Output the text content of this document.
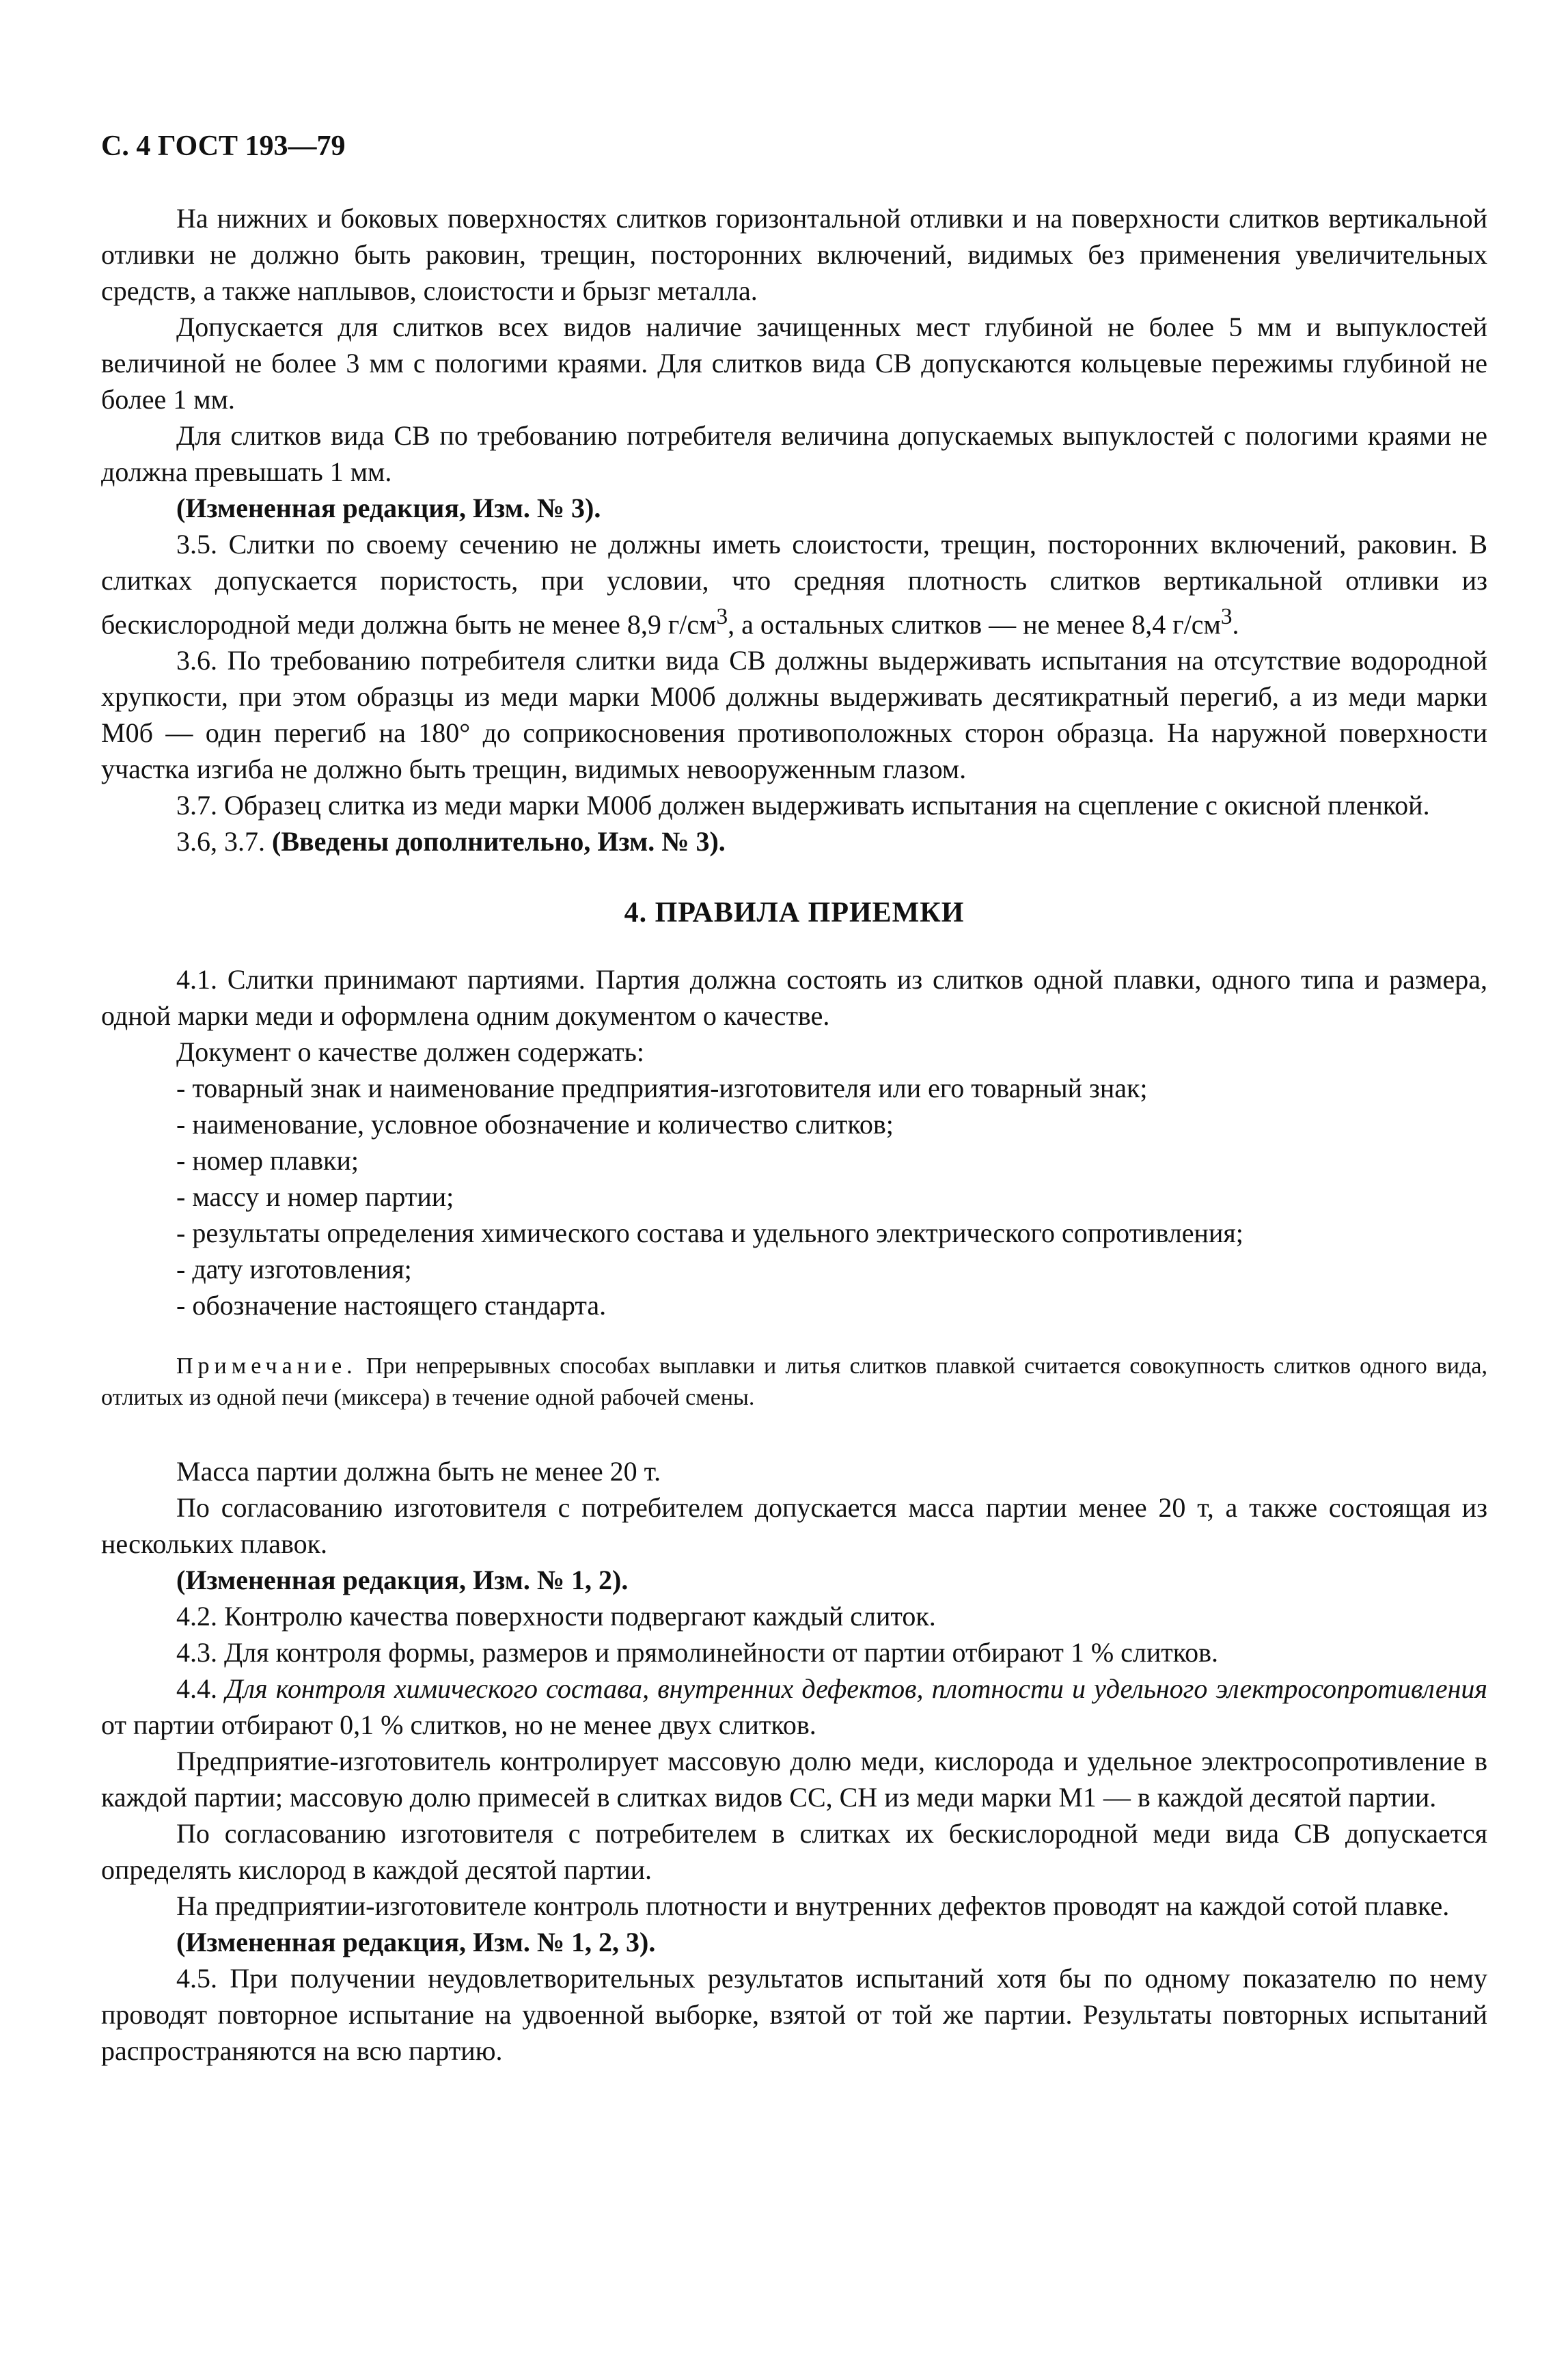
С. 4 ГОСТ 193—79

На нижних и боковых поверхностях слитков горизонтальной отливки и на поверхности слитков вертикальной отливки не должно быть раковин, трещин, посторонних включений, видимых без применения увеличительных средств, а также наплывов, слоистости и брызг металла.

Допускается для слитков всех видов наличие зачищенных мест глубиной не более 5 мм и выпуклостей величиной не более 3 мм с пологими краями. Для слитков вида СВ допускаются кольцевые пережимы глубиной не более 1 мм.

Для слитков вида СВ по требованию потребителя величина допускаемых выпуклостей с пологими краями не должна превышать 1 мм.

(Измененная редакция, Изм. № 3).

3.5. Слитки по своему сечению не должны иметь слоистости, трещин, посторонних включений, раковин. В слитках допускается пористость, при условии, что средняя плотность слитков вертикальной отливки из бескислородной меди должна быть не менее 8,9 $г/см^3$, а остальных слитков — не менее 8,4 $г/см^3$.

3.6. По требованию потребителя слитки вида СВ должны выдерживать испытания на отсутствие водородной хрупкости, при этом образцы из меди марки М00б должны выдерживать десятикратный перегиб, а из меди марки М0б — один перегиб на 180° до соприкосновения противоположных сторон образца. На наружной поверхности участка изгиба не должно быть трещин, видимых невооруженным глазом.

3.7. Образец слитка из меди марки М00б должен выдерживать испытания на сцепление с окисной пленкой.

3.6, 3.7. (Введены дополнительно, Изм. № 3).

4. ПРАВИЛА ПРИЕМКИ

4.1. Слитки принимают партиями. Партия должна состоять из слитков одной плавки, одного типа и размера, одной марки меди и оформлена одним документом о качестве.

Документ о качестве должен содержать:

- товарный знак и наименование предприятия-изготовителя или его товарный знак;
- наименование, условное обозначение и количество слитков;
- номер плавки;
- массу и номер партии;
- результаты определения химического состава и удельного электрического сопротивления;
- дату изготовления;
- обозначение настоящего стандарта.

Примечание. При непрерывных способах выплавки и литья слитков плавкой считается совокупность слитков одного вида, отлитых из одной печи (миксера) в течение одной рабочей смены.

Масса партии должна быть не менее 20 т.

По согласованию изготовителя с потребителем допускается масса партии менее 20 т, а также состоящая из нескольких плавок.

(Измененная редакция, Изм. № 1, 2).

4.2. Контролю качества поверхности подвергают каждый слиток.

4.3. Для контроля формы, размеров и прямолинейности от партии отбирают 1 % слитков.

4.4. Для контроля химического состава, внутренних дефектов, плотности и удельного электросопротивления от партии отбирают 0,1 % слитков, но не менее двух слитков.

Предприятие-изготовитель контролирует массовую долю меди, кислорода и удельное электросопротивление в каждой партии; массовую долю примесей в слитках видов СС, СН из меди марки М1 — в каждой десятой партии.

По согласованию изготовителя с потребителем в слитках их бескислородной меди вида СВ допускается определять кислород в каждой десятой партии.

На предприятии-изготовителе контроль плотности и внутренних дефектов проводят на каждой сотой плавке.

(Измененная редакция, Изм. № 1, 2, 3).

4.5. При получении неудовлетворительных результатов испытаний хотя бы по одному показателю по нему проводят повторное испытание на удвоенной выборке, взятой от той же партии. Результаты повторных испытаний распространяются на всю партию.
